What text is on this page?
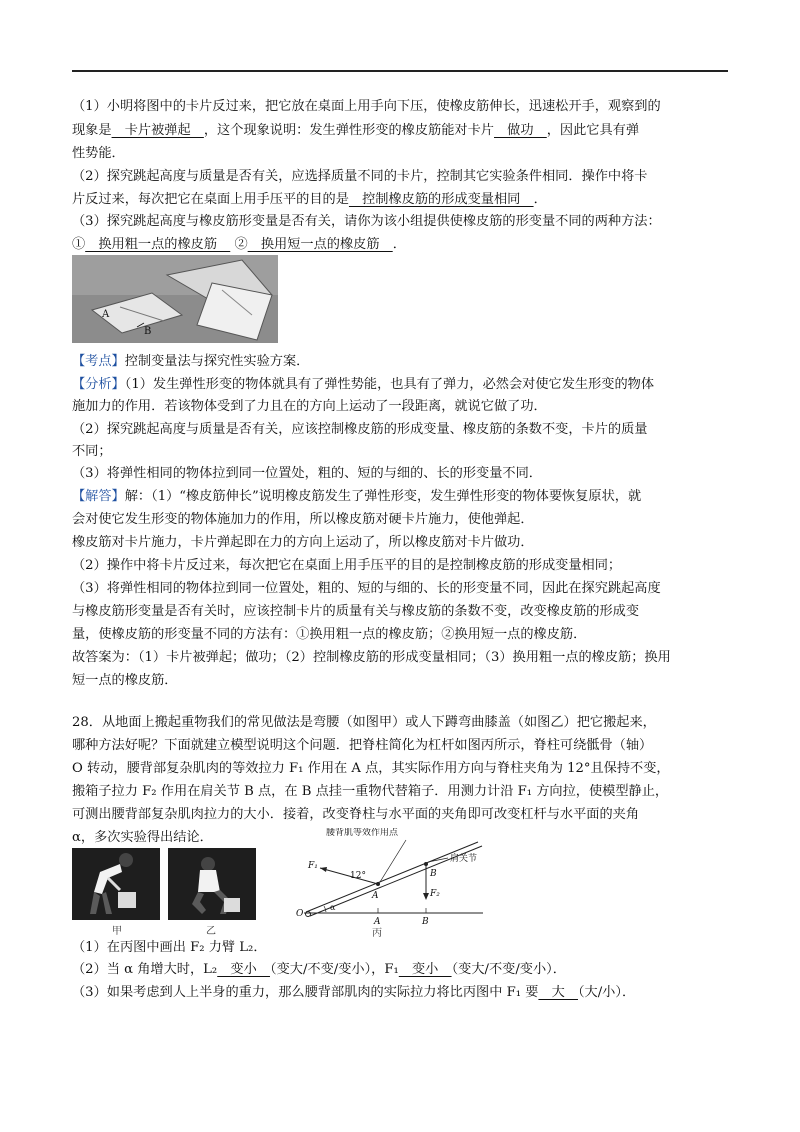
（1）小明将图中的卡片反过来，把它放在桌面上用手向下压，使橡皮筋伸长，迅速松开手，观察到的
现象是　卡片被弹起　，这个现象说明：发生弹性形变的橡皮筋能对卡片　做功　，因此它具有弹
性势能．
（2）探究跳起高度与质量是否有关，应选择质量不同的卡片，控制其它实验条件相同．操作中将卡
片反过来，每次把它在桌面上用手压平的目的是　控制橡皮筋的形成变量相同　．
（3）探究跳起高度与橡皮筋形变量是否有关，请你为该小组提供使橡皮筋的形变量不同的两种方法：
①　换用粗一点的橡皮筋　 ②　换用短一点的橡皮筋　．
A
B
【考点】控制变量法与探究性实验方案．
【分析】（1）发生弹性形变的物体就具有了弹性势能，也具有了弹力，必然会对使它发生形变的物体
施加力的作用．若该物体受到了力且在的方向上运动了一段距离，就说它做了功．
（2）探究跳起高度与质量是否有关，应该控制橡皮筋的形成变量、橡皮筋的条数不变，卡片的质量
不同；
（3）将弹性相同的物体拉到同一位置处，粗的、短的与细的、长的形变量不同．
【解答】解：（1）“橡皮筋伸长”说明橡皮筋发生了弹性形变，发生弹性形变的物体要恢复原状，就
会对使它发生形变的物体施加力的作用，所以橡皮筋对硬卡片施力，使他弹起．
橡皮筋对卡片施力，卡片弹起即在力的方向上运动了，所以橡皮筋对卡片做功．
（2）操作中将卡片反过来，每次把它在桌面上用手压平的目的是控制橡皮筋的形成变量相同；
（3）将弹性相同的物体拉到同一位置处，粗的、短的与细的、长的形变量不同，因此在探究跳起高度
与橡皮筋形变量是否有关时，应该控制卡片的质量有关与橡皮筋的条数不变，改变橡皮筋的形成变
量，使橡皮筋的形变量不同的方法有：①换用粗一点的橡皮筋；②换用短一点的橡皮筋．
故答案为：（1）卡片被弹起；做功；（2）控制橡皮筋的形成变量相同；（3）换用粗一点的橡皮筋；换用
短一点的橡皮筋．
28．从地面上搬起重物我们的常见做法是弯腰（如图甲）或人下蹲弯曲膝盖（如图乙）把它搬起来，
哪种方法好呢？下面就建立模型说明这个问题．把脊柱简化为杠杆如图丙所示，脊柱可绕骶骨（轴）
O 转动，腰背部复杂肌肉的等效拉力 F₁ 作用在 A 点，其实际作用方向与脊柱夹角为 12°且保持不变，
搬箱子拉力 F₂ 作用在肩关节 B 点，在 B 点挂一重物代替箱子．用测力计沿 F₁ 方向拉，使模型静止，
可测出腰背部复杂肌肉拉力的大小．接着，改变脊柱与水平面的夹角即可改变杠杆与水平面的夹角
α，多次实验得出结论．
甲	乙
腰背肌等效作用点
肩关节
F₁
F₂
12°
A
B
O
α
A	B
丙
（1）在丙图中画出 F₂ 力臂 L₂．
（2）当 α 角增大时，L₂　变小　（变大/不变/变小），F₁　变小　（变大/不变/变小）．
（3）如果考虑到人上半身的重力，那么腰背部肌肉的实际拉力将比丙图中 F₁ 要　大　（大/小）．
